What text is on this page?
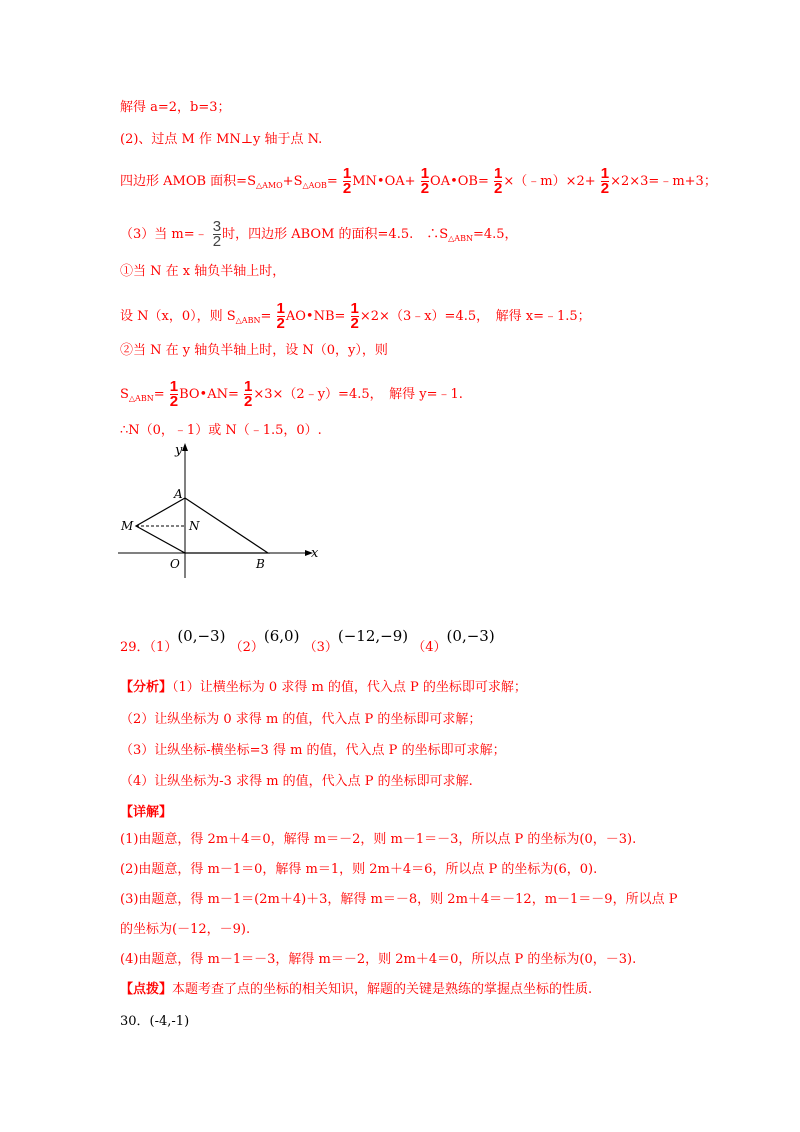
解得 a=2，b=3；
(2)、过点 M 作 MN⊥y 轴于点 N.
四边形 AMOB 面积$=S_{\triangle AMO}+S_{\triangle AOB}= \frac{1}{2}$ MN•OA+ $\frac{1}{2}$ OA•OB= $\frac{1}{2}$ ×（﹣m）×2+ $\frac{1}{2}$ ×2×3=﹣m+3；
（3）当 m=﹣ $\frac{3}{2}$ 时，四边形 ABOM 的面积=4.5.　$\therefore S_{\triangle ABN}=4.5$，
①当 N 在 x 轴负半轴上时，
设 N（x，0），则 $S_{\triangle ABN}= \frac{1}{2}$ AO•NB= $\frac{1}{2}$ ×2×（3﹣x）=4.5，　解得 x=﹣1.5；
②当 N 在 y 轴负半轴上时，设 N（0，y），则
$S_{\triangle ABN}= \frac{1}{2}$ BO•AN= $\frac{1}{2}$ ×3×（2﹣y）=4.5，　解得 y=﹣1.
∴N（0，﹣1）或 N（﹣1.5，0）.
y
x
A
M	N
O	B
29．（1）(0,−3) （2）(6,0) （3）(−12,−9) （4）(0,−3)
【分析】（1）让横坐标为 0 求得 m 的值，代入点 P 的坐标即可求解；
（2）让纵坐标为 0 求得 m 的值，代入点 P 的坐标即可求解；
（3）让纵坐标-横坐标=3 得 m 的值，代入点 P 的坐标即可求解；
（4）让纵坐标为-3 求得 m 的值，代入点 P 的坐标即可求解.
【详解】
(1)由题意，得 2m＋4＝0，解得 m＝－2，则 m－1＝－3，所以点 P 的坐标为(0，－3).
(2)由题意，得 m－1＝0，解得 m＝1，则 2m＋4＝6，所以点 P 的坐标为(6，0).
(3)由题意，得 m－1＝(2m＋4)＋3，解得 m＝－8，则 2m＋4＝－12，m－1＝－9，所以点 P
的坐标为(－12，－9).
(4)由题意，得 m－1＝－3，解得 m＝－2，则 2m＋4＝0，所以点 P 的坐标为(0，－3).
【点拨】本题考查了点的坐标的相关知识，解题的关键是熟练的掌握点坐标的性质.
30．(-4,-1)
